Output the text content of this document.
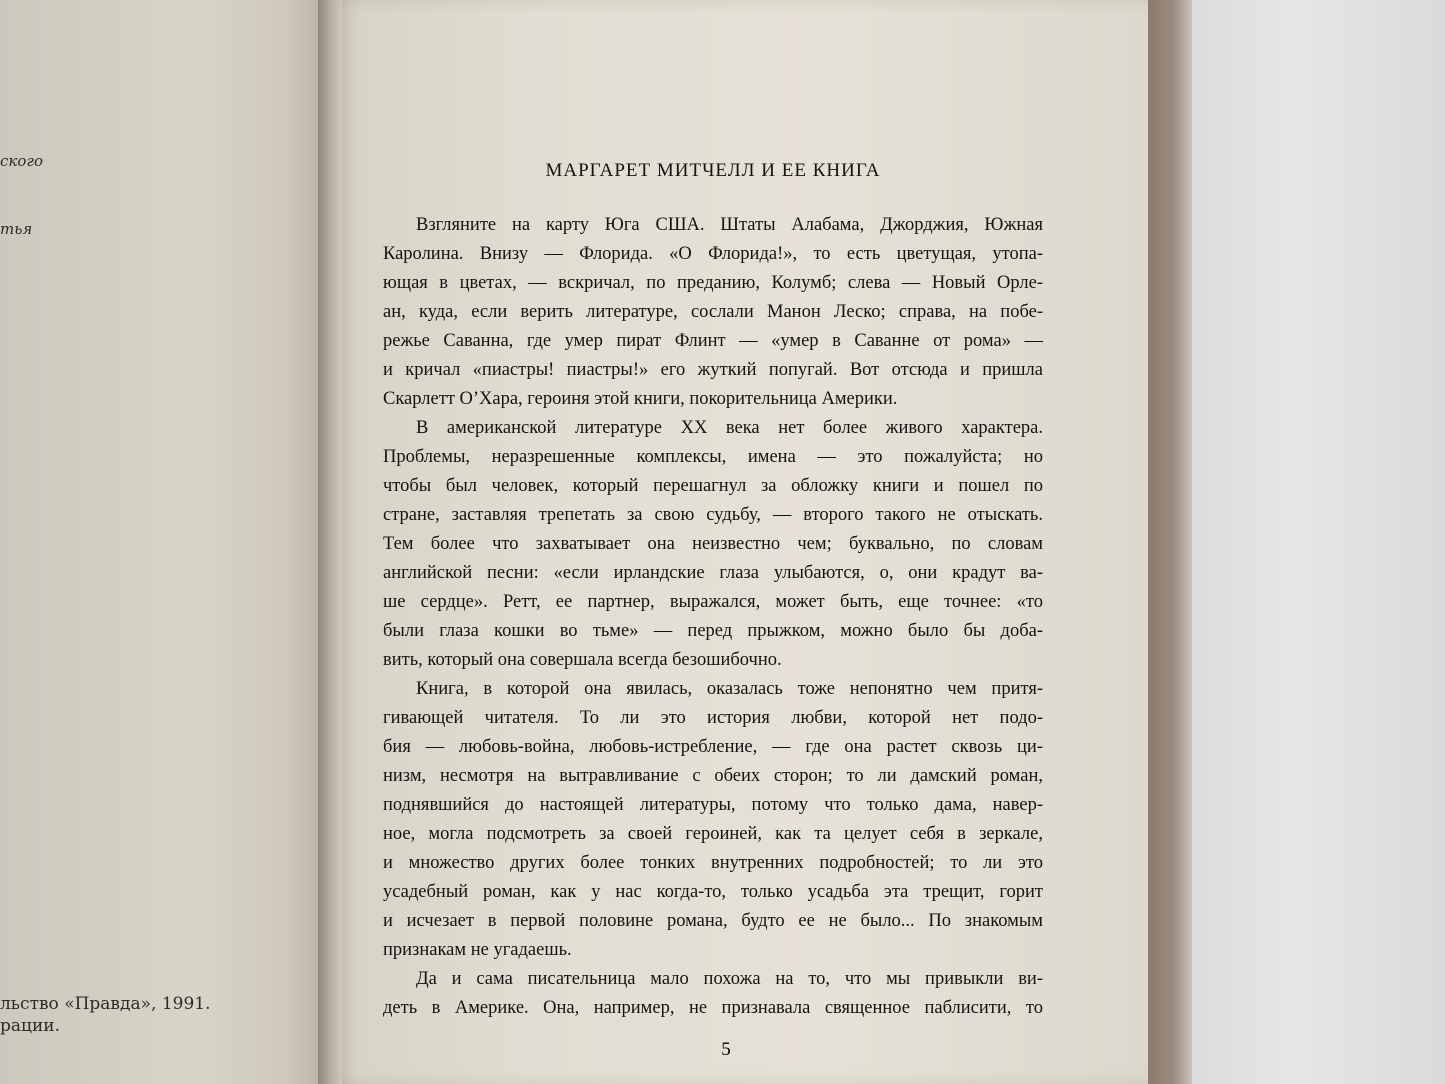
ского
тья
льство «Правда», 1991.
рации.
МАРГАРЕТ МИТЧЕЛЛ И ЕЕ КНИГА
Взгляните на карту Юга США. Штаты Алабама, Джорджия, Южная
Каролина. Внизу — Флорида. «О Флорида!», то есть цветущая, утопа-
ющая в цветах, — вскричал, по преданию, Колумб; слева — Новый Орле-
ан, куда, если верить литературе, сослали Манон Леско; справа, на побе-
режье Саванна, где умер пират Флинт — «умер в Саванне от рома» —
и кричал «пиастры! пиастры!» его жуткий попугай. Вот отсюда и пришла
Скарлетт О’Хара, героиня этой книги, покорительница Америки.
В американской литературе XX века нет более живого характера.
Проблемы, неразрешенные комплексы, имена — это пожалуйста; но
чтобы был человек, который перешагнул за обложку книги и пошел по
стране, заставляя трепетать за свою судьбу, — второго такого не отыскать.
Тем более что захватывает она неизвестно чем; буквально, по словам
английской песни: «если ирландские глаза улыбаются, о, они крадут ва-
ше сердце». Ретт, ее партнер, выражался, может быть, еще точнее: «то
были глаза кошки во тьме» — перед прыжком, можно было бы доба-
вить, который она совершала всегда безошибочно.
Книга, в которой она явилась, оказалась тоже непонятно чем притя-
гивающей читателя. То ли это история любви, которой нет подо-
бия — любовь-война, любовь-истребление, — где она растет сквозь ци-
низм, несмотря на вытравливание с обеих сторон; то ли дамский роман,
поднявшийся до настоящей литературы, потому что только дама, навер-
ное, могла подсмотреть за своей героиней, как та целует себя в зеркале,
и множество других более тонких внутренних подробностей; то ли это
усадебный роман, как у нас когда-то, только усадьба эта трещит, горит
и исчезает в первой половине романа, будто ее не было... По знакомым
признакам не угадаешь.
Да и сама писательница мало похожа на то, что мы привыкли ви-
деть в Америке. Она, например, не признавала священное паблисити, то
5
